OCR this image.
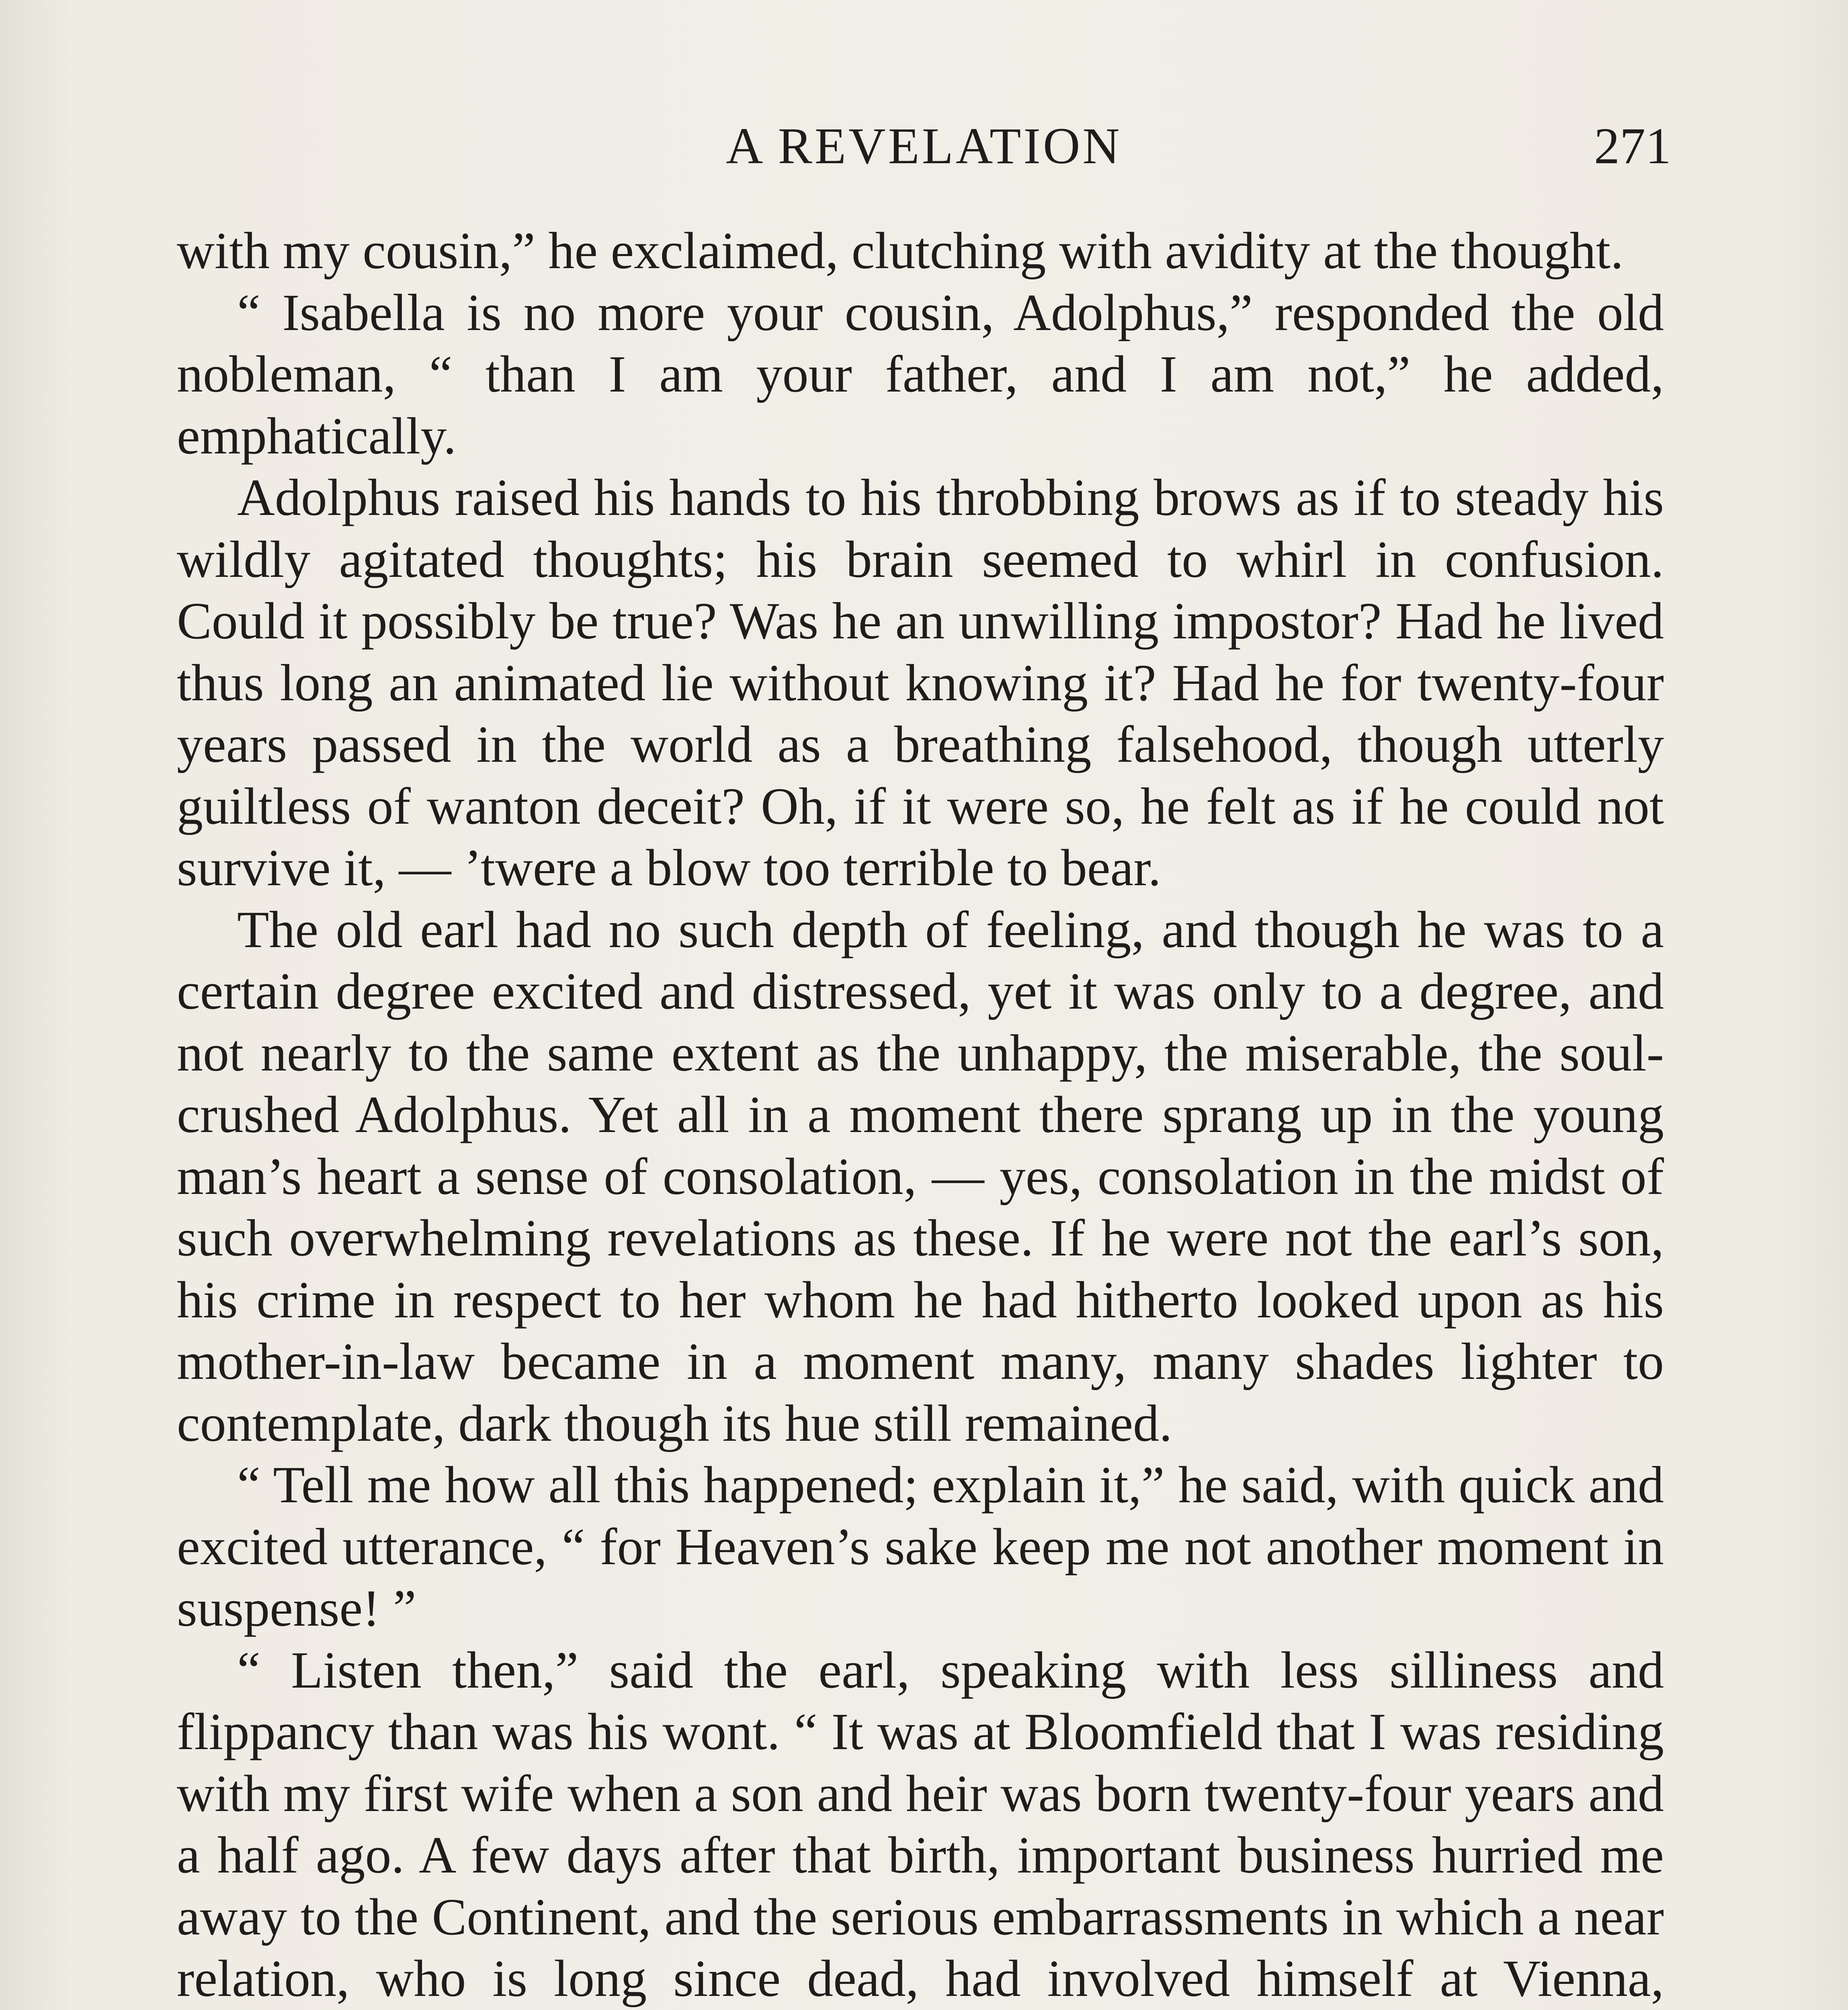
A REVELATION	271

with my cousin,” he exclaimed, clutching with avidity at the thought.

“ Isabella is no more your cousin, Adolphus,” responded the old nobleman, “ than I am your father, and I am not,” he added, emphatically.

Adolphus raised his hands to his throbbing brows as if to steady his wildly agitated thoughts; his brain seemed to whirl in confusion. Could it possibly be true? Was he an unwilling impostor? Had he lived thus long an animated lie without knowing it? Had he for twenty-four years passed in the world as a breathing falsehood, though utterly guiltless of wanton deceit? Oh, if it were so, he felt as if he could not survive it, — ’twere a blow too terrible to bear.

The old earl had no such depth of feeling, and though he was to a certain degree excited and distressed, yet it was only to a degree, and not nearly to the same extent as the unhappy, the miserable, the soul-crushed Adolphus. Yet all in a moment there sprang up in the young man’s heart a sense of consolation, — yes, consolation in the midst of such overwhelming revelations as these. If he were not the earl’s son, his crime in respect to her whom he had hitherto looked upon as his mother-in-law became in a moment many, many shades lighter to contemplate, dark though its hue still remained.

“ Tell me how all this happened; explain it,” he said, with quick and excited utterance, “ for Heaven’s sake keep me not another moment in suspense! ”

“ Listen then,” said the earl, speaking with less silliness and flippancy than was his wont. “ It was at Bloomfield that I was residing with my first wife when a son and heir was born twenty-four years and a half ago. A few days after that birth, important business hurried me away to the Continent, and the serious embarrassments in which a near relation, who is long since dead, had involved himself at Vienna,
